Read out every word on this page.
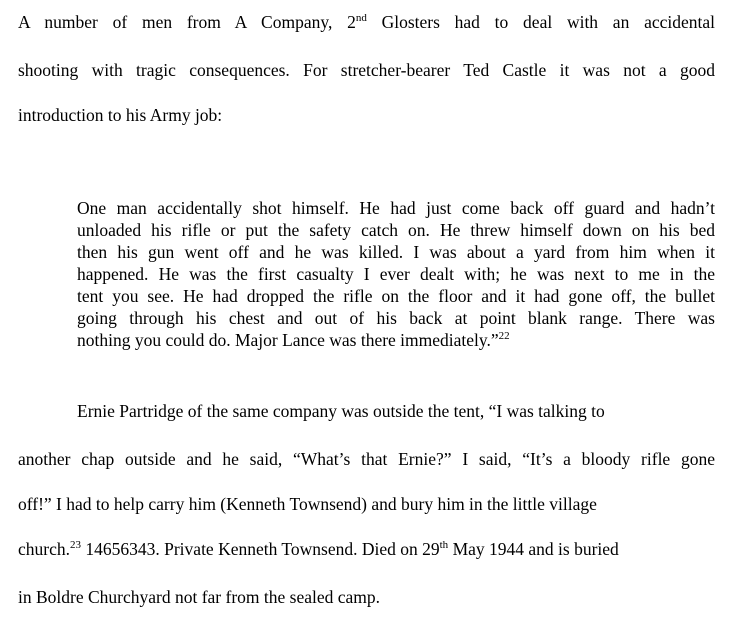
A number of men from A Company, 2nd Glosters had to deal with an accidental
shooting with tragic consequences. For stretcher-bearer Ted Castle it was not a good
introduction to his Army job:
One man accidentally shot himself. He had just come back off guard and hadn’t
unloaded his rifle or put the safety catch on. He threw himself down on his bed
then his gun went off and he was killed. I was about a yard from him when it
happened. He was the first casualty I ever dealt with; he was next to me in the
tent you see. He had dropped the rifle on the floor and it had gone off, the bullet
going through his chest and out of his back at point blank range. There was
nothing you could do. Major Lance was there immediately.”$^{22}$
Ernie Partridge of the same company was outside the tent, “I was talking to
another chap outside and he said, “What’s that Ernie?” I said, “It’s a bloody rifle gone
off!” I had to help carry him (Kenneth Townsend) and bury him in the little village
church.$^{23}$ 14656343. Private Kenneth Townsend. Died on 29th May 1944 and is buried
in Boldre Churchyard not far from the sealed camp.
